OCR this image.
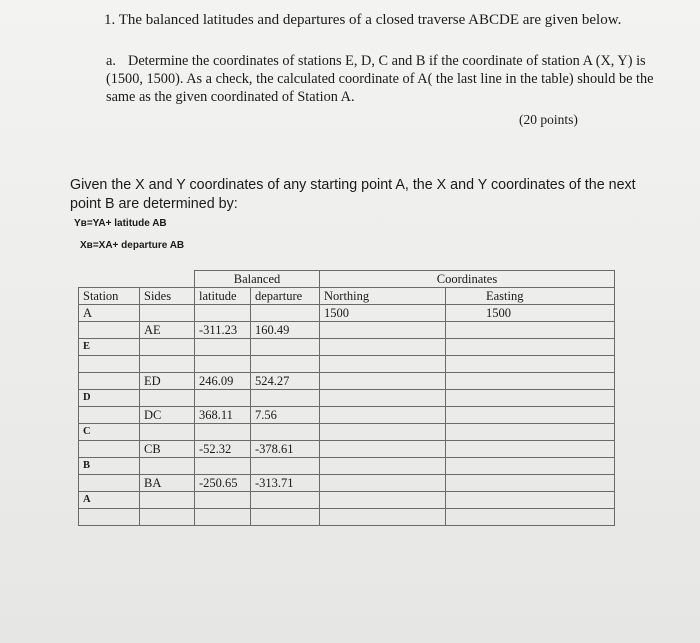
1. The balanced latitudes and departures of a closed traverse ABCDE are given below.
a. Determine the coordinates of stations E, D, C and B if the coordinate of station A (X, Y) is (1500, 1500). As a check, the calculated coordinate of A( the last line in the table) should be the same as the given coordinated of Station A.
(20 points)
Given the X and Y coordinates of any starting point A, the X and Y coordinates of the next point B are determined by:
Yʙ=YA+ latitude AB
Xʙ=XA+ departure AB
		Balanced		Coordinates	
Station	Sides	latitude	departure	Northing	Easting
A				1500	1500
	AE	-311.23	160.49		
E					

	ED	246.09	524.27		
D					
	DC	368.11	7.56		
C					
	CB	-52.32	-378.61		
B					
	BA	-250.65	-313.71		
A					
